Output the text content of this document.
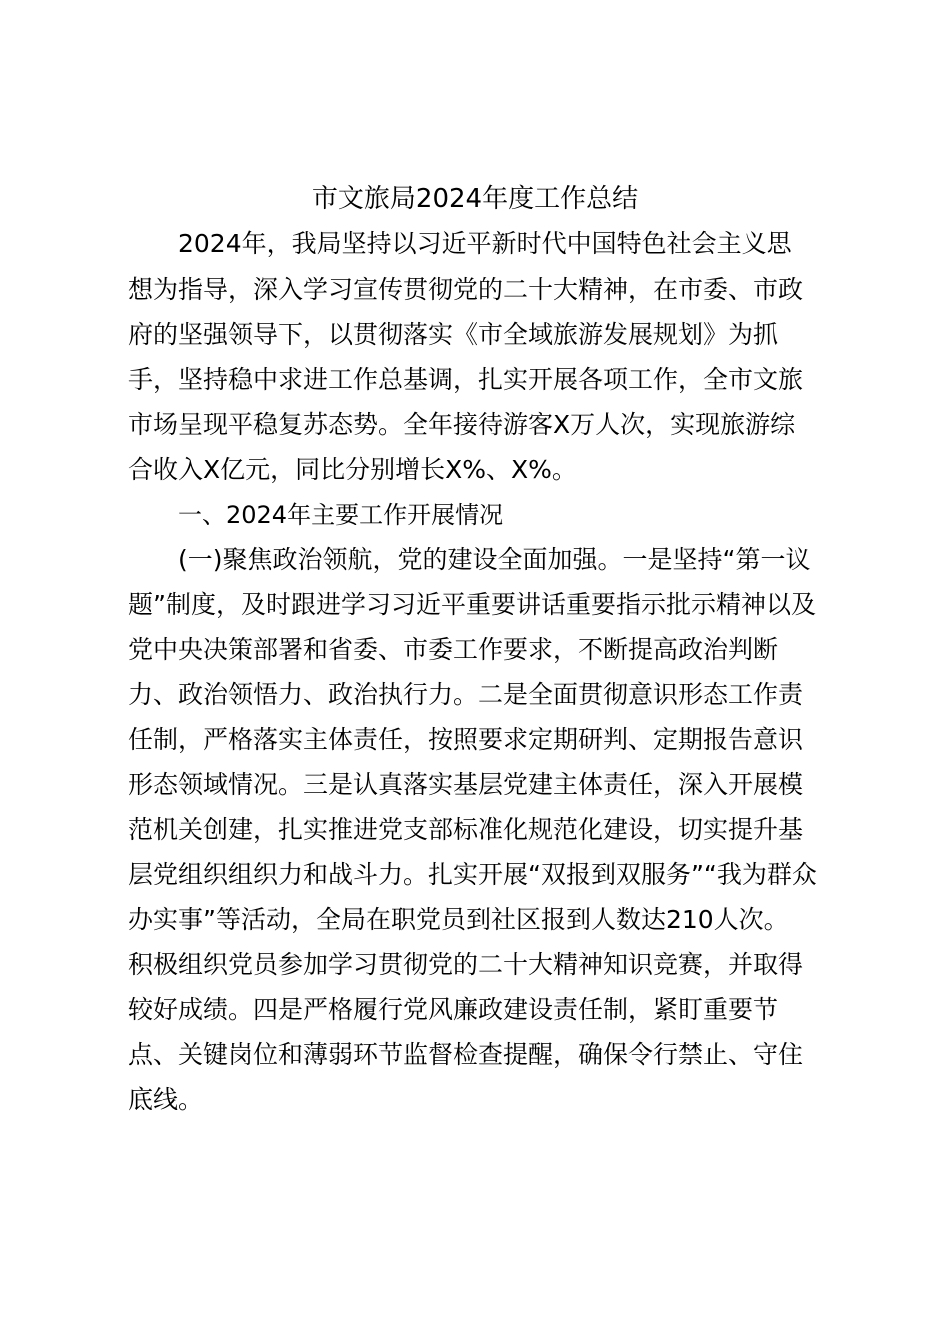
市文旅局2024年度工作总结
2024年，我局坚持以习近平新时代中国特色社会主义思
想为指导，深入学习宣传贯彻党的二十大精神，在市委、市政
府的坚强领导下，以贯彻落实《市全域旅游发展规划》为抓
手，坚持稳中求进工作总基调，扎实开展各项工作，全市文旅
市场呈现平稳复苏态势。全年接待游客X万人次，实现旅游综
合收入X亿元，同比分别增长X%、X%。
一、2024年主要工作开展情况
(一)聚焦政治领航，党的建设全面加强。一是坚持“第一议
题”制度，及时跟进学习习近平重要讲话重要指示批示精神以及
党中央决策部署和省委、市委工作要求，不断提高政治判断
力、政治领悟力、政治执行力。二是全面贯彻意识形态工作责
任制，严格落实主体责任，按照要求定期研判、定期报告意识
形态领域情况。三是认真落实基层党建主体责任，深入开展模
范机关创建，扎实推进党支部标准化规范化建设，切实提升基
层党组织组织力和战斗力。扎实开展“双报到双服务”“我为群众
办实事”等活动，全局在职党员到社区报到人数达210人次。
积极组织党员参加学习贯彻党的二十大精神知识竞赛，并取得
较好成绩。四是严格履行党风廉政建设责任制，紧盯重要节
点、关键岗位和薄弱环节监督检查提醒，确保令行禁止、守住
底线。
